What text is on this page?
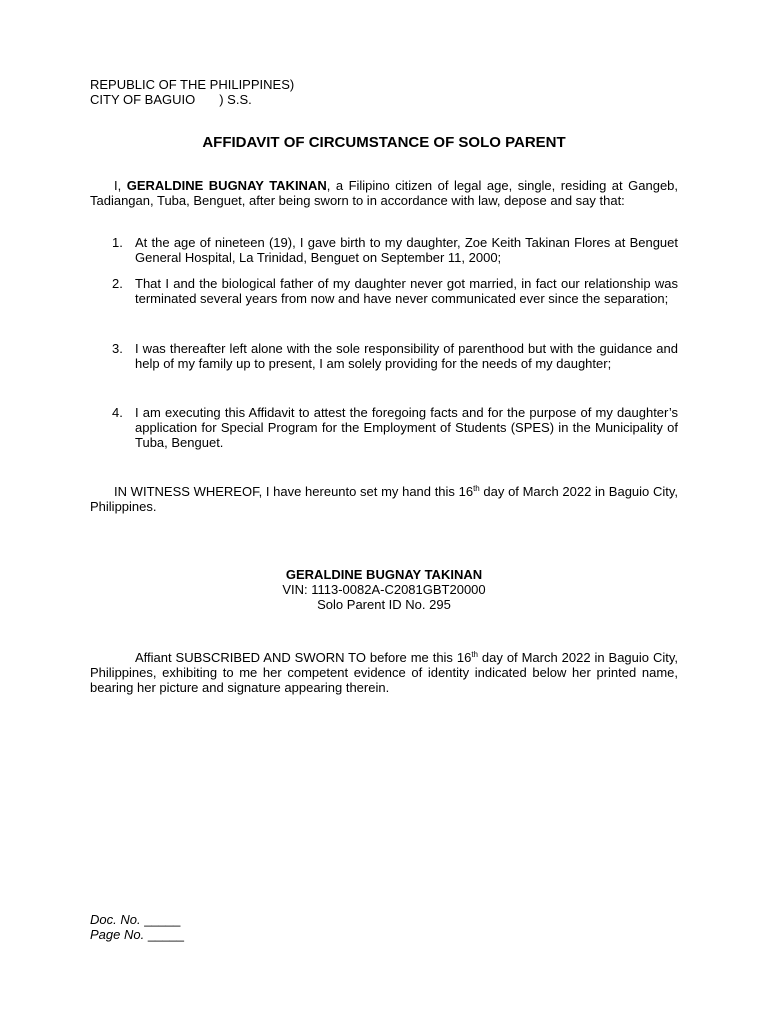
REPUBLIC OF THE PHILIPPINES)
CITY OF BAGUIO ) S.S.
AFFIDAVIT OF CIRCUMSTANCE OF SOLO PARENT
I, GERALDINE BUGNAY TAKINAN, a Filipino citizen of legal age, single, residing at Gangeb, Tadiangan, Tuba, Benguet, after being sworn to in accordance with law, depose and say that:
1. At the age of nineteen (19), I gave birth to my daughter, Zoe Keith Takinan Flores at Benguet General Hospital, La Trinidad, Benguet on September 11, 2000;
2. That I and the biological father of my daughter never got married, in fact our relationship was terminated several years from now and have never communicated ever since the separation;
3. I was thereafter left alone with the sole responsibility of parenthood but with the guidance and help of my family up to present, I am solely providing for the needs of my daughter;
4. I am executing this Affidavit to attest the foregoing facts and for the purpose of my daughter’s application for Special Program for the Employment of Students (SPES) in the Municipality of Tuba, Benguet.
IN WITNESS WHEREOF, I have hereunto set my hand this 16th day of March 2022 in Baguio City, Philippines.
GERALDINE BUGNAY TAKINAN
VIN: 1113-0082A-C2081GBT20000
Solo Parent ID No. 295
Affiant SUBSCRIBED AND SWORN TO before me this 16th day of March 2022 in Baguio City, Philippines, exhibiting to me her competent evidence of identity indicated below her printed name, bearing her picture and signature appearing therein.
Doc. No. _____
Page No. _____
